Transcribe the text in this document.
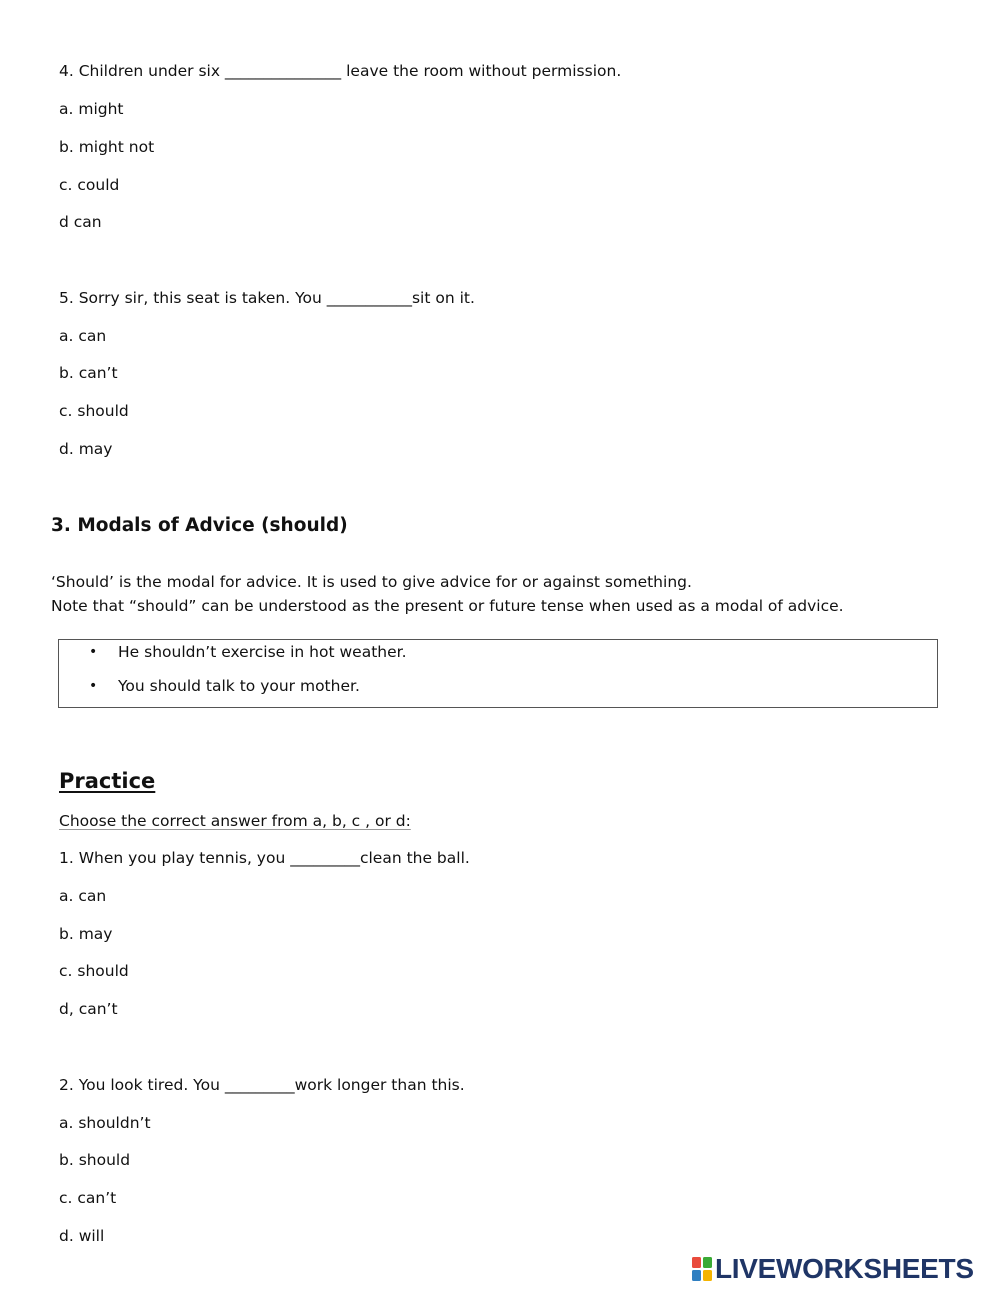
4. Children under six _______________ leave the room without permission.
a. might
b. might not
c. could
d can
5. Sorry sir, this seat is taken. You ___________sit on it.
a. can
b. can’t
c. should
d. may
3. Modals of Advice (should)
‘Should’ is the modal for advice. It is used to give advice for or against something.
Note that “should” can be understood as the present or future tense when used as a modal of advice.
• He shouldn’t exercise in hot weather.
• You should talk to your mother.
Practice
Choose the correct answer from a, b, c , or d:
1. When you play tennis, you _________clean the ball.
a. can
b. may
c. should
d, can’t
2. You look tired. You _________work longer than this.
a. shouldn’t
b. should
c. can’t
d. will
LIVEWORKSHEETS
